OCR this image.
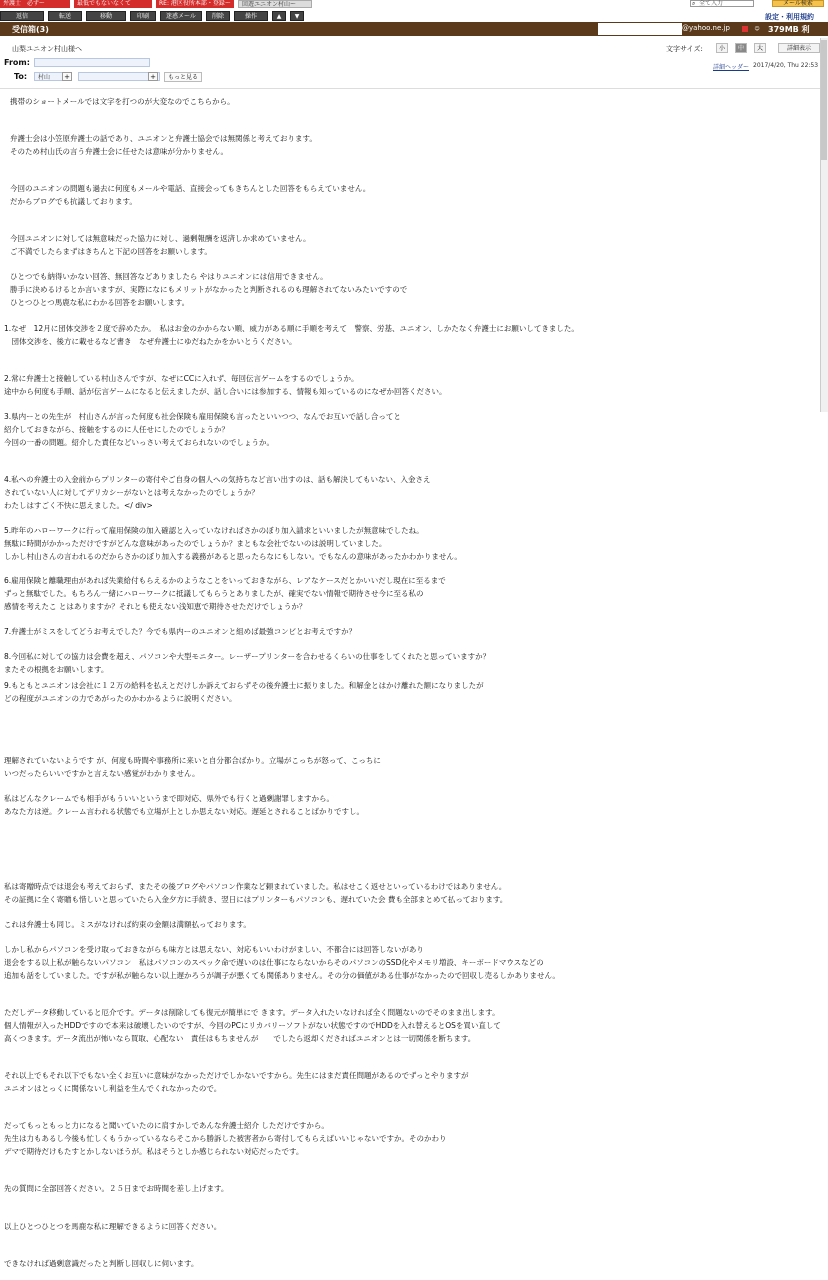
弁護士　必ずー	最低でもないなくて	RE: 港区役所本部・登録ー	回遊ユニオン村山ー	全て入力
⌕	メール検索
返信	転送	移動	印刷	迷惑メール	削除	操作	▲	▼	設定・利用規約
受信箱(3)	@yahoo.ne.jp	☺ 379MB 利
山梨ユニオン村山様へ	文字サイズ:	小	中	大	詳細表示
From:
To:	村山	+	+	もっと見る
詳細ヘッダー 2017/4/20, Thu 22:53

携帯のショートメールでは文字を打つのが大変なのでこちらから。

弁護士会は小笠原弁護士の話であり、ユニオンと弁護士協会では無関係と考えております。

そのため村山氏の言う弁護士会に任せたは意味が分かりません。

今回のユニオンの問題も過去に何度もメールや電話、直接会ってもきちんとした回答をもらえていません。

だからブログでも抗議しております。

今回ユニオンに対しては無意味だった協力に対し、過剰報酬を返済しか求めていません。

ご不満でしたらまずはきちんと下記の回答をお願いします。

ひとつでも納得いかない回答、無回答などありましたら やはりユニオンには信用できません。

勝手に決めるけるとか言いますが、実際になにもメリットがなかったと判断されるのも理解されてないみたいですので

ひとつひとつ馬鹿な私にわかる回答をお願いします。

1.なぜ　12月に団体交渉を２度で辞めたか。　私はお金のかからない順、威力がある順に手順を考えて　警察、労基、ユニオン、しかたなく弁護士にお願いしてきました。

　団体交渉を、後方に載せるなど書き　なぜ弁護士にゆだねたかをかいとうください。

2.常に弁護士と接触している村山さんですが、なぜにCCに入れず、毎回伝言ゲームをするのでしょうか。

途中から何度も手順、話が伝言ゲームになると伝えましたが、話し合いには参加する、情報も知っているのになぜか回答ください。

3.県内ーとの先生が　村山さんが言った何度も社会保険も雇用保険も言ったといいつつ、なんでお互いで話し合ってと

紹介しておきながら、接触をするのに人任せにしたのでしょうか？

今回の一番の問題。紹介した責任などいっさい考えておられないのでしょうか。

4.私への弁護士の入金前からプリンターの寄付やご自身の個人への気持ちなど言い出すのは、話も解決してもいない、入金さえ

されていない人に対してデリカシーがないとは考えなかったのでしょうか？

わたしはすごく不快に思えました。</ div>

5.昨年のハローワークに行って雇用保険の加入確認と入っていなければさかのぼり加入請求といいましたが無意味でしたね。

無駄に時間がかかっただけですがどんな意味があったのでしょうか？まともな会社でないのは説明していました。

しかし村山さんの言われるのだからさかのぼり加入する義務があると思ったらなにもしない。でもなんの意味があったかわかりません。

6.雇用保険と離職理由があれば失業給付もらえるかのようなことをいっておきながら、レアなケースだとかいいだし現在に至るまで

ずっと無駄でした。もちろん一緒にハローワークに抵議してもらうとありましたが、確実でない情報で期待させ今に至る私の

感情を考えたこ とはありますか？それとも使えない浅知恵で期待させただけでしょうか？

7.弁護士がミスをしてどうお考えでした？今でも県内ーのユニオンと組めば最強コンビとお考えですか？

8.今回私に対しての協力は会費を超え、パソコンや大型モニター。レーザープリンターを合わせるくらいの仕事をしてくれたと思っていますか？

またその根拠をお願いします。

9.もともとユニオンは会社に１２万の給料を払えとだけしか訴えておらずその後弁護士に振りました。和解金とはかけ離れた額になりましたが

どの程度がユニオンの力であがったのかわかるように説明ください。

理解されていないようです が、何度も時間や事務所に来いと自分都合ばかり。立場がこっちが怒って、こっちに

いつだったらいいですかと言えない感覚がわかりません。

私はどんなクレームでも相手がもういいというまで即対応、県外でも行くと過剰謝罪しますから。

あなた方は逆。クレーム言われる状態でも立場が上としか思えない対応。遅延とされることばかりですし。

私は寄贈時点では退会も考えておらず、またその後ブログやパソコン作業など頼まれていました。私はせこく返せといっているわけではありません。

その証拠に全く寄贈も惜しいと思っていたら入金夕方に手続き、翌日にはプリンターもパソコンも、遅れていた会 費も全部まとめて払っております。

これは弁護士も同じ。ミスがなければ約束の金額は満額払っております。

しかし私からパソコンを受け取っておきながらも味方とは思えない、対応もいいわけがましい、不都合には回答しないがあり

退会をする以上私が触らないパソコン　私はパソコンのスペック命で遅いのは仕事にならないからそのパソコンのSSD化やメモリ増設、キーボードマウスなどの

追加も話をしていました。ですが私が触らない以上遅かろうが調子が悪くても関係ありません。その分の価値がある仕事がなかったので回収し売るしかありません。

ただしデータ移動していると厄介です。データは削除しても復元が簡単にで きます。データ入れたいなければ全く問題ないのでそのまま出します。

個人情報が入ったHDDですので本来は破壊したいのですが、今回のPCにリカバリーソフトがない状態ですのでHDDを入れ替えるとOSを買い直して

高くつきます。データ流出が怖いなら買取、心配ない　責任はもちませんが　　でしたら返却くださればユニオンとは一切関係を断ちます。

それ以上でもそれ以下でもない全くお互いに意味がなかっただけでしかないですから。先生にはまだ責任問題があるのでずっとやりますが

ユニオンはとっくに関係ないし利益を生んでくれなかったので。

だってもっともっと力になると聞いていたのに肩すかしであんな弁護士紹介 しただけですから。

先生は力もあるし今後も忙しくもうかっているならそこから勝訴した被害者から寄付してもらえばいいじゃないですか。そのかわり

デマで期待だけもたすとかしないほうが。私はそうとしか感じられない対応だったです。

先の質問に全部回答ください。２５日までお時間を差し上げます。

以上ひとつひとつを馬鹿な私に理解できるように回答ください。

できなければ過剰意識だったと判断し回収しに伺います。
